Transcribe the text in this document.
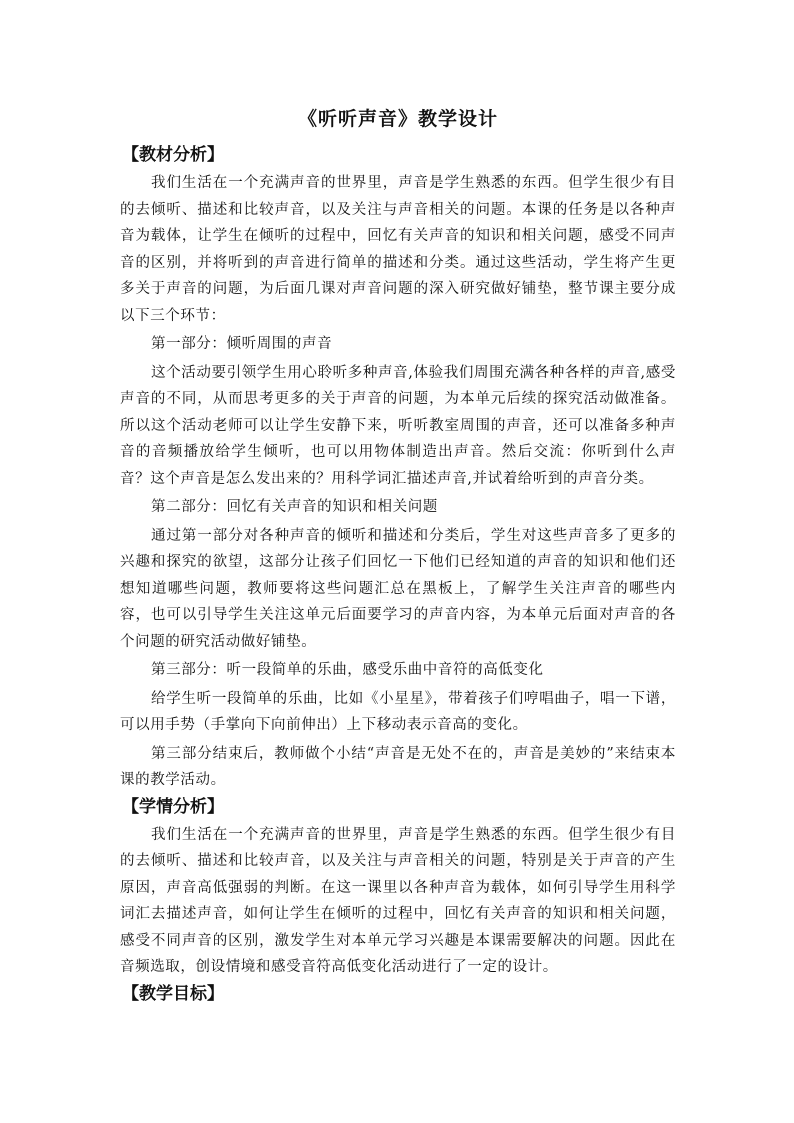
《听听声音》教学设计
【教材分析】

我们生活在一个充满声音的世界里，声音是学生熟悉的东西。但学生很少有目的去倾听、描述和比较声音，以及关注与声音相关的问题。本课的任务是以各种声音为载体，让学生在倾听的过程中，回忆有关声音的知识和相关问题，感受不同声音的区别，并将听到的声音进行简单的描述和分类。通过这些活动，学生将产生更多关于声音的问题，为后面几课对声音问题的深入研究做好铺垫，整节课主要分成以下三个环节：

第一部分：倾听周围的声音

这个活动要引领学生用心聆听多种声音,体验我们周围充满各种各样的声音,感受声音的不同，从而思考更多的关于声音的问题，为本单元后续的探究活动做准备。所以这个活动老师可以让学生安静下来，听听教室周围的声音，还可以准备多种声音的音频播放给学生倾听，也可以用物体制造出声音。然后交流：你听到什么声音？这个声音是怎么发出来的？用科学词汇描述声音,并试着给听到的声音分类。

第二部分：回忆有关声音的知识和相关问题

通过第一部分对各种声音的倾听和描述和分类后，学生对这些声音多了更多的兴趣和探究的欲望，这部分让孩子们回忆一下他们已经知道的声音的知识和他们还想知道哪些问题，教师要将这些问题汇总在黑板上，了解学生关注声音的哪些内容，也可以引导学生关注这单元后面要学习的声音内容，为本单元后面对声音的各个问题的研究活动做好铺垫。

第三部分：听一段简单的乐曲，感受乐曲中音符的高低变化

给学生听一段简单的乐曲，比如《小星星》，带着孩子们哼唱曲子，唱一下谱，可以用手势（手掌向下向前伸出）上下移动表示音高的变化。

第三部分结束后，教师做个小结“声音是无处不在的，声音是美妙的”来结束本课的教学活动。

【学情分析】

我们生活在一个充满声音的世界里，声音是学生熟悉的东西。但学生很少有目的去倾听、描述和比较声音，以及关注与声音相关的问题，特别是关于声音的产生原因，声音高低强弱的判断。在这一课里以各种声音为载体，如何引导学生用科学词汇去描述声音，如何让学生在倾听的过程中，回忆有关声音的知识和相关问题，感受不同声音的区别，激发学生对本单元学习兴趣是本课需要解决的问题。因此在音频选取，创设情境和感受音符高低变化活动进行了一定的设计。

【教学目标】
